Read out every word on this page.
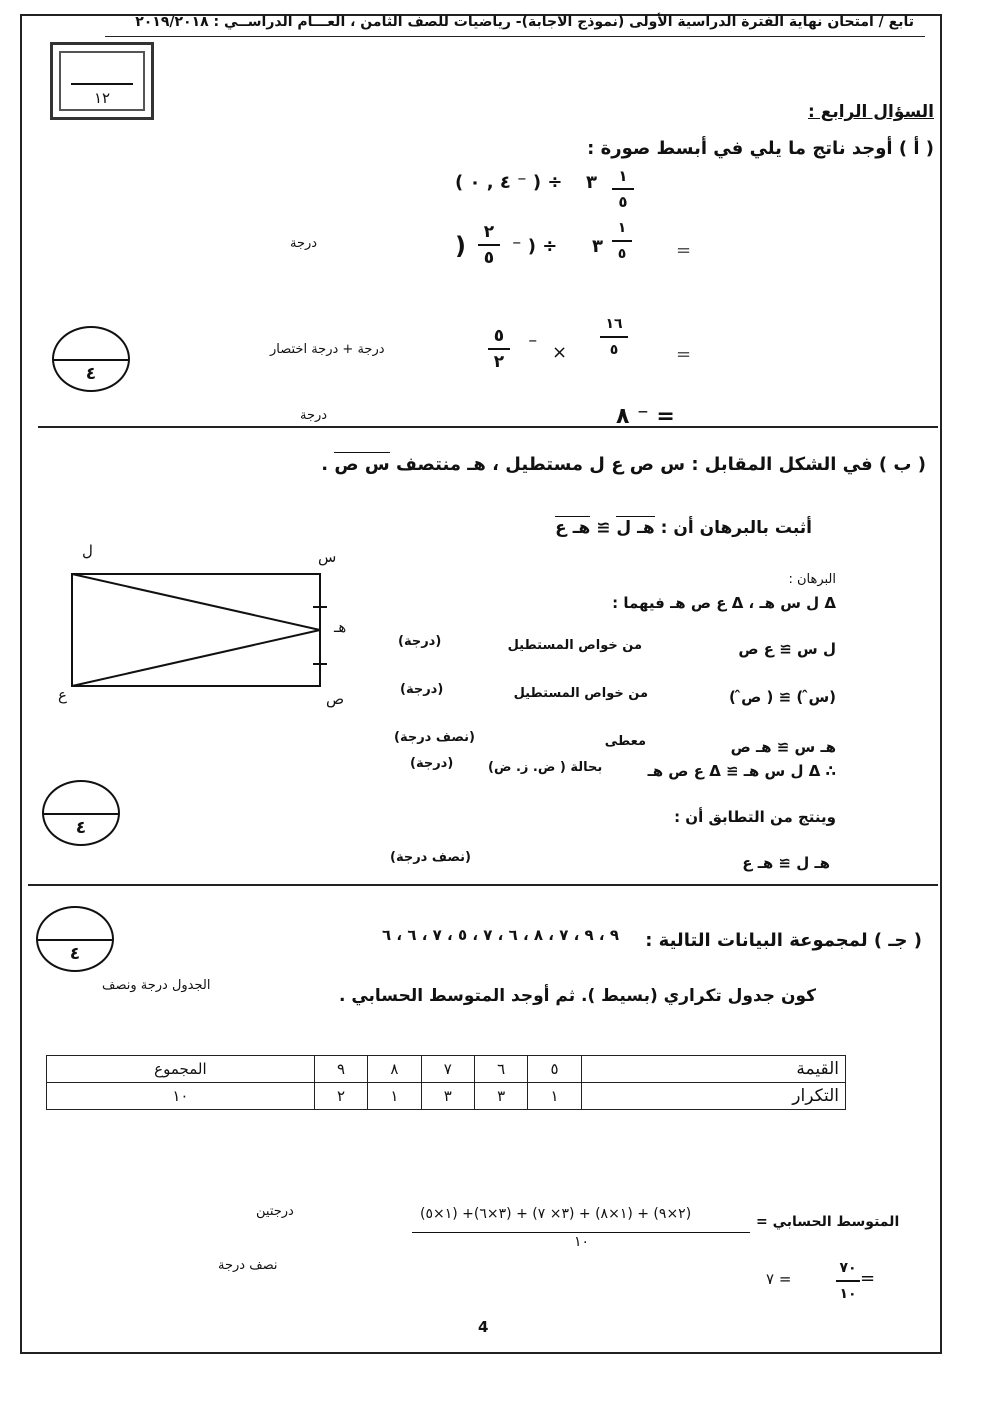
تابع / امتحان نهاية الفترة الدراسية الأولى (نموذج الاجابة)- رياضيات للصف الثامن ، العـــام الدراســي : ٢٠١٩/٢٠١٨
١٢
السؤال الرابع :
( أ ) أوجد ناتج ما يلي في أبسط صورة :
١
٥
٣
÷ ( ⁻ ٤ , ٠ )
=
١
٥
٣
÷ ( ⁻
٢
٥
)
درجة
=
١٦
٥
×
⁻
٥
٢
درجة + درجة اختصار
= ⁻ ٨
درجة
٤
( ب ) في الشكل المقابل : س ص ع ل مستطيل ، هـ منتصف س ص .
أثبت بالبرهان أن : هـ ل ≅ هـ ع
ل	س
هـ
ع	ص
البرهان :
Δ ل س هـ ، Δ ع ص هـ فيهما :
ل س ≅ ع ص
من خواص المستطيل
(درجة)
(س̂ ) ≅ ( ص̂ )
من خواص المستطيل
(درجة)
هـ س ≅ هـ ص
معطى
(نصف درجة)
∴ Δ ل س هـ ≅ Δ ع ص هـ
بحالة ( ض. ز. ض)
(درجة)
وينتج من التطابق أن :
هـ ل ≅ هـ ع
(نصف درجة)
٤
( جـ ) لمجموعة البيانات التالية :
٩ ، ٩ ، ٧ ، ٨ ، ٦ ، ٧ ، ٥ ، ٧ ، ٦ ، ٦
كون جدول تكراري (بسيط ). ثم أوجد المتوسط الحسابي .
الجدول درجة ونصف
٤
القيمة	٥	٦	٧	٨	٩	المجموع
التكرار	١	٣	٣	١	٢	١٠
المتوسط الحسابي =
(١×٥) +(٣×٦) + (٣× ٧) + (١×٨) + (٢×٩)
١٠
درجتين
٧٠
١٠
=
= ٧
نصف درجة
4
